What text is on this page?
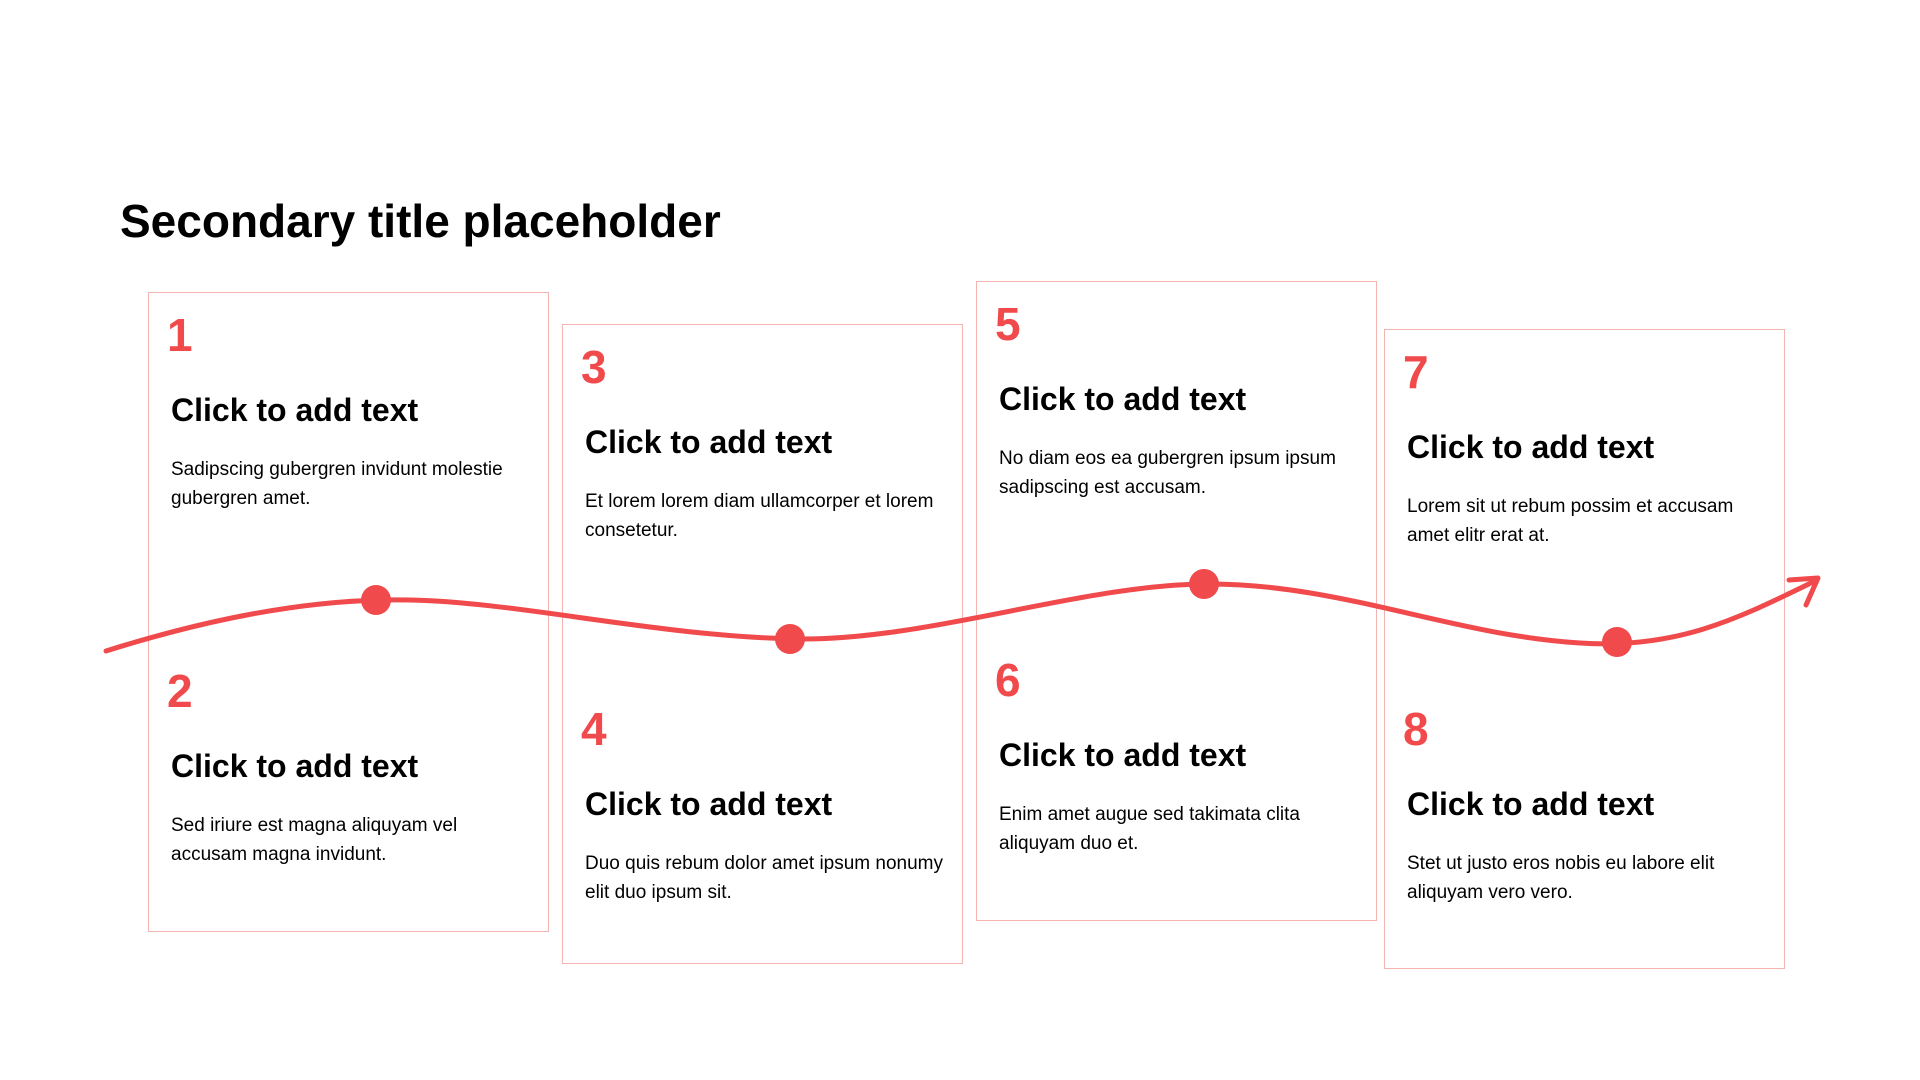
Secondary title placeholder
1
Click to add text
Sadipscing gubergren invidunt molestie gubergren amet.
2
Click to add text
Sed iriure est magna aliquyam vel accusam magna invidunt.
3
Click to add text
Et lorem lorem diam ullamcorper et lorem consetetur.
4
Click to add text
Duo quis rebum dolor amet ipsum nonumy elit duo ipsum sit.
5
Click to add text
No diam eos ea gubergren ipsum ipsum sadipscing est accusam.
6
Click to add text
Enim amet augue sed takimata clita aliquyam duo et.
7
Click to add text
Lorem sit ut rebum possim et accusam amet elitr erat at.
8
Click to add text
Stet ut justo eros nobis eu labore elit aliquyam vero vero.
